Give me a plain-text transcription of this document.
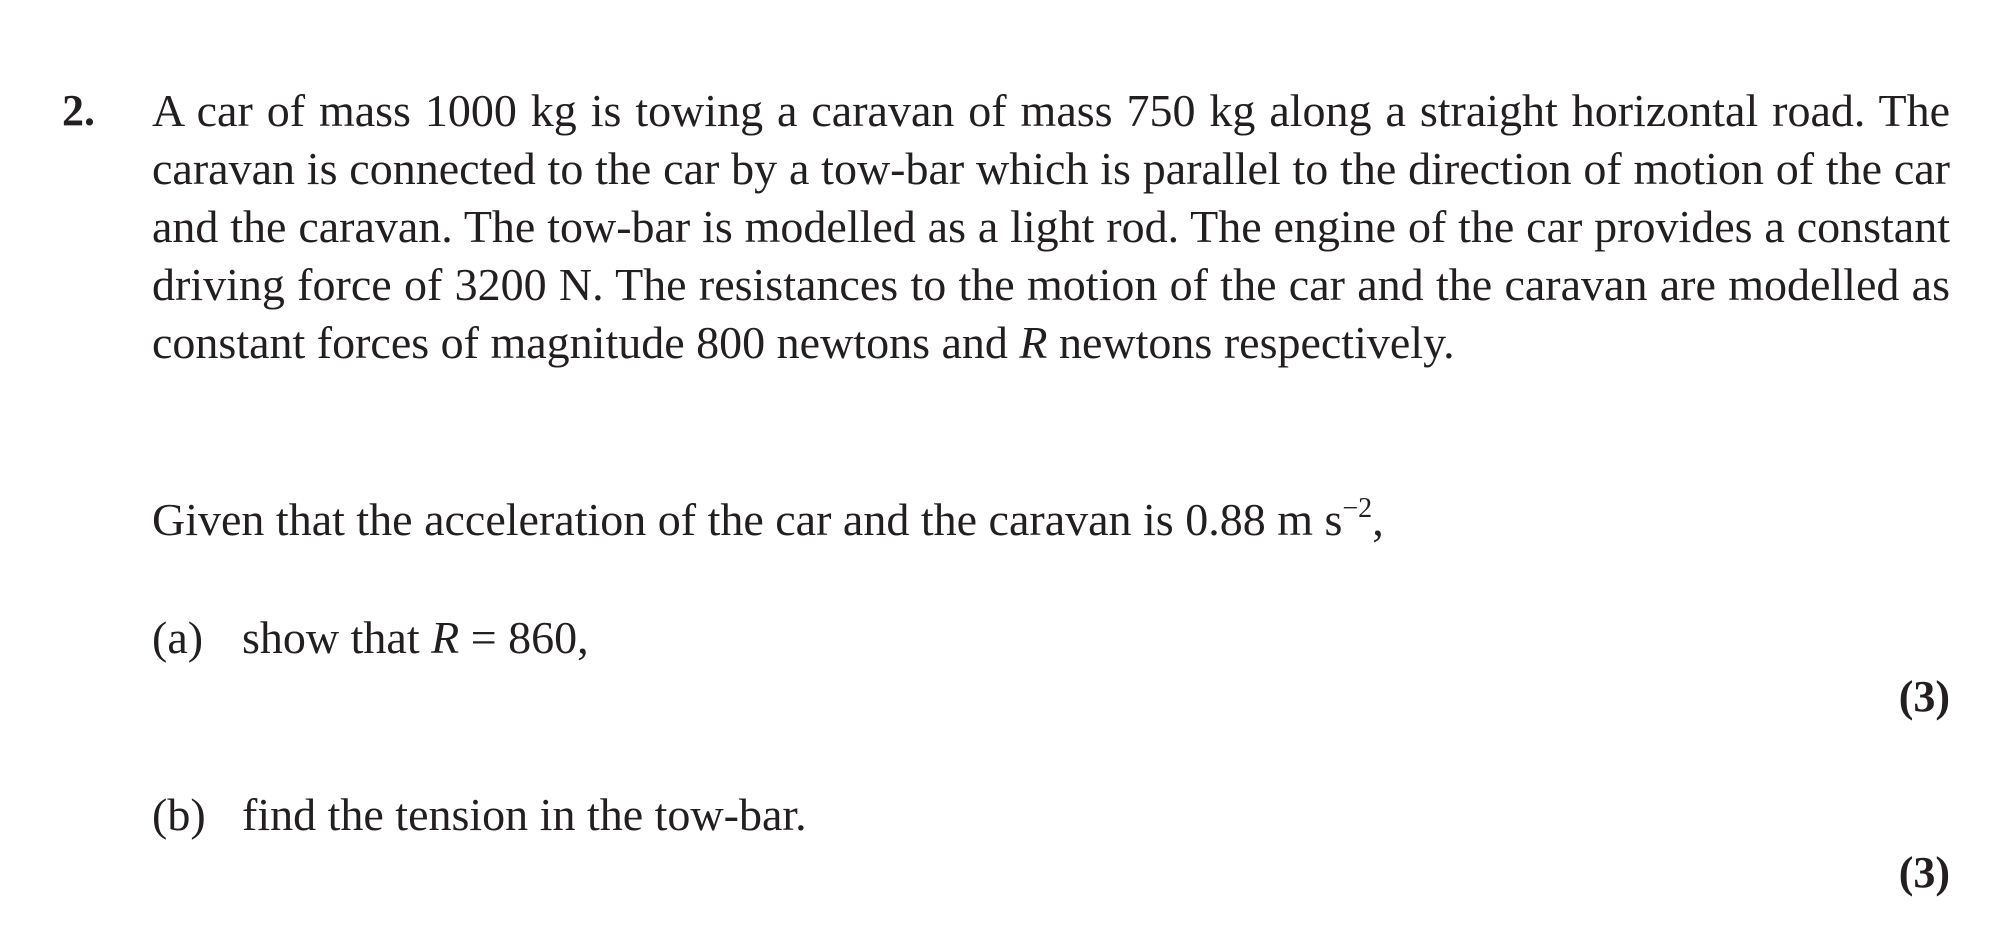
2. A car of mass 1000 kg is towing a caravan of mass 750 kg along a straight horizontal road. The caravan is connected to the car by a tow-bar which is parallel to the direction of motion of the car and the caravan. The tow-bar is modelled as a light rod. The engine of the car provides a constant driving force of 3200 N. The resistances to the motion of the car and the caravan are modelled as constant forces of magnitude 800 newtons and R newtons respectively.
Given that the acceleration of the car and the caravan is 0.88 m $s^{-2}$,
(a) show that R = 860,
(3)
(b) find the tension in the tow-bar.
(3)
